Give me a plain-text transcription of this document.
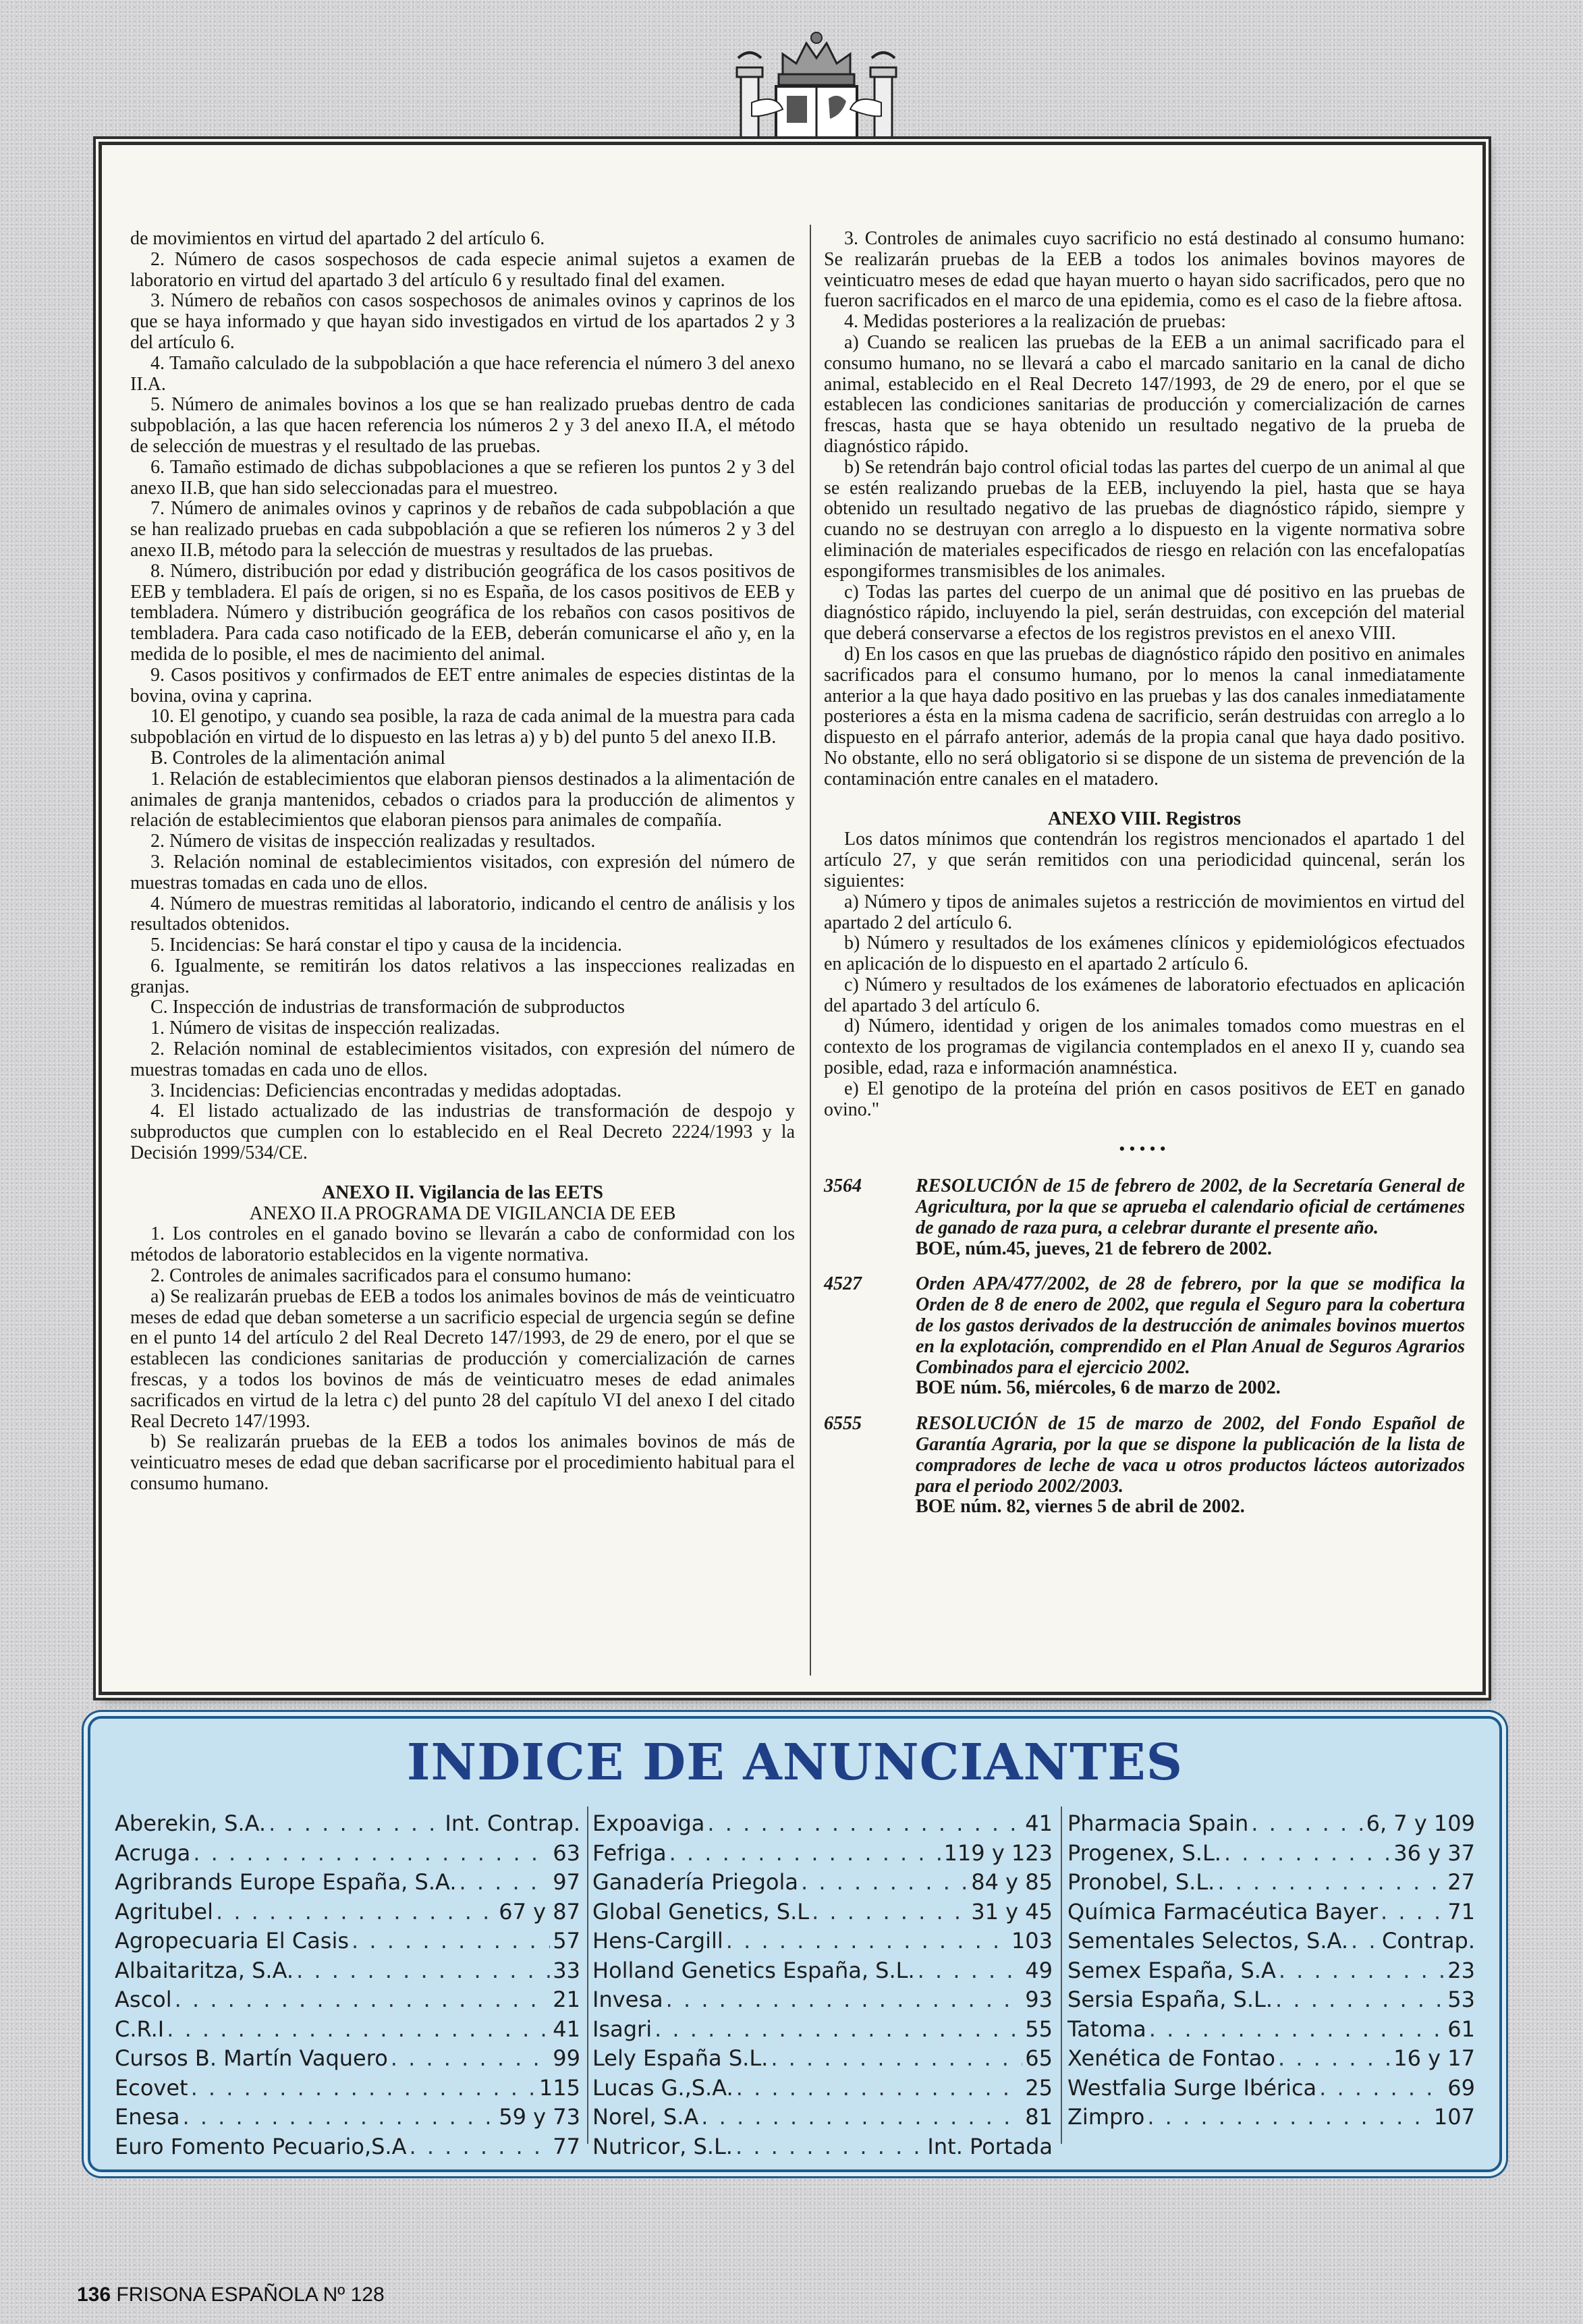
de movimientos en virtud del apartado 2 del artículo 6.

2. Número de casos sospechosos de cada especie animal sujetos a examen de laboratorio en virtud del apartado 3 del artículo 6 y resultado final del examen.

3. Número de rebaños con casos sospechosos de animales ovinos y caprinos de los que se haya informado y que hayan sido investigados en virtud de los apartados 2 y 3 del artículo 6.

4. Tamaño calculado de la subpoblación a que hace referencia el número 3 del anexo II.A.

5. Número de animales bovinos a los que se han realizado pruebas dentro de cada subpoblación, a las que hacen referencia los números 2 y 3 del anexo II.A, el método de selección de muestras y el resultado de las pruebas.

6. Tamaño estimado de dichas subpoblaciones a que se refieren los puntos 2 y 3 del anexo II.B, que han sido seleccionadas para el muestreo.

7. Número de animales ovinos y caprinos y de rebaños de cada subpoblación a que se han realizado pruebas en cada subpoblación a que se refieren los números 2 y 3 del anexo II.B, método para la selección de muestras y resultados de las pruebas.

8. Número, distribución por edad y distribución geográfica de los casos positivos de EEB y tembladera. El país de origen, si no es España, de los casos positivos de EEB y tembladera. Número y distribución geográfica de los rebaños con casos positivos de tembladera. Para cada caso notificado de la EEB, deberán comunicarse el año y, en la medida de lo posible, el mes de nacimiento del animal.

9. Casos positivos y confirmados de EET entre animales de especies distintas de la bovina, ovina y caprina.

10. El genotipo, y cuando sea posible, la raza de cada animal de la muestra para cada subpoblación en virtud de lo dispuesto en las letras a) y b) del punto 5 del anexo II.B.

B. Controles de la alimentación animal

1. Relación de establecimientos que elaboran piensos destinados a la alimentación de animales de granja mantenidos, cebados o criados para la producción de alimentos y relación de establecimientos que elaboran piensos para animales de compañía.

2. Número de visitas de inspección realizadas y resultados.

3. Relación nominal de establecimientos visitados, con expresión del número de muestras tomadas en cada uno de ellos.

4. Número de muestras remitidas al laboratorio, indicando el centro de análisis y los resultados obtenidos.

5. Incidencias: Se hará constar el tipo y causa de la incidencia.

6. Igualmente, se remitirán los datos relativos a las inspecciones realizadas en granjas.

C. Inspección de industrias de transformación de subproductos

1. Número de visitas de inspección realizadas.

2. Relación nominal de establecimientos visitados, con expresión del número de muestras tomadas en cada uno de ellos.

3. Incidencias: Deficiencias encontradas y medidas adoptadas.

4. El listado actualizado de las industrias de transformación de despojo y subproductos que cumplen con lo establecido en el Real Decreto 2224/1993 y la Decisión 1999/534/CE.

ANEXO II. Vigilancia de las EETS

ANEXO II.A PROGRAMA DE VIGILANCIA DE EEB

1. Los controles en el ganado bovino se llevarán a cabo de conformidad con los métodos de laboratorio establecidos en la vigente normativa.

2. Controles de animales sacrificados para el consumo humano:

a) Se realizarán pruebas de EEB a todos los animales bovinos de más de veinticuatro meses de edad que deban someterse a un sacrificio especial de urgencia según se define en el punto 14 del artículo 2 del Real Decreto 147/1993, de 29 de enero, por el que se establecen las condiciones sanitarias de producción y comercialización de carnes frescas, y a todos los bovinos de más de veinticuatro meses de edad animales sacrificados en virtud de la letra c) del punto 28 del capítulo VI del anexo I del citado Real Decreto 147/1993.

b) Se realizarán pruebas de la EEB a todos los animales bovinos de más de veinticuatro meses de edad que deban sacrificarse por el procedimiento habitual para el consumo humano.

3. Controles de animales cuyo sacrificio no está destinado al consumo humano: Se realizarán pruebas de la EEB a todos los animales bovinos mayores de veinticuatro meses de edad que hayan muerto o hayan sido sacrificados, pero que no fueron sacrificados en el marco de una epidemia, como es el caso de la fiebre aftosa.

4. Medidas posteriores a la realización de pruebas:

a) Cuando se realicen las pruebas de la EEB a un animal sacrificado para el consumo humano, no se llevará a cabo el marcado sanitario en la canal de dicho animal, establecido en el Real Decreto 147/1993, de 29 de enero, por el que se establecen las condiciones sanitarias de producción y comercialización de carnes frescas, hasta que se haya obtenido un resultado negativo de la prueba de diagnóstico rápido.

b) Se retendrán bajo control oficial todas las partes del cuerpo de un animal al que se estén realizando pruebas de la EEB, incluyendo la piel, hasta que se haya obtenido un resultado negativo de las pruebas de diagnóstico rápido, siempre y cuando no se destruyan con arreglo a lo dispuesto en la vigente normativa sobre eliminación de materiales especificados de riesgo en relación con las encefalopatías espongiformes transmisibles de los animales.

c) Todas las partes del cuerpo de un animal que dé positivo en las pruebas de diagnóstico rápido, incluyendo la piel, serán destruidas, con excepción del material que deberá conservarse a efectos de los registros previstos en el anexo VIII.

d) En los casos en que las pruebas de diagnóstico rápido den positivo en animales sacrificados para el consumo humano, por lo menos la canal inmediatamente anterior a la que haya dado positivo en las pruebas y las dos canales inmediatamente posteriores a ésta en la misma cadena de sacrificio, serán destruidas con arreglo a lo dispuesto en el párrafo anterior, además de la propia canal que haya dado positivo. No obstante, ello no será obligatorio si se dispone de un sistema de prevención de la contaminación entre canales en el matadero.

ANEXO VIII. Registros

Los datos mínimos que contendrán los registros mencionados el apartado 1 del artículo 27, y que serán remitidos con una periodicidad quincenal, serán los siguientes:

a) Número y tipos de animales sujetos a restricción de movimientos en virtud del apartado 2 del artículo 6.

b) Número y resultados de los exámenes clínicos y epidemiológicos efectuados en aplicación de lo dispuesto en el apartado 2 artículo 6.

c) Número y resultados de los exámenes de laboratorio efectuados en aplicación del apartado 3 del artículo 6.

d) Número, identidad y origen de los animales tomados como muestras en el contexto de los programas de vigilancia contemplados en el anexo II y, cuando sea posible, edad, raza e información anamnéstica.

e) El genotipo de la proteína del prión en casos positivos de EET en ganado ovino."

•••••
3564	RESOLUCIÓN de 15 de febrero de 2002, de la Secretaría General de Agricultura, por la que se aprueba el calendario oficial de certámenes de ganado de raza pura, a celebrar durante el presente año.
BOE, núm.45, jueves, 21 de febrero de 2002.
4527	Orden APA/477/2002, de 28 de febrero, por la que se modifica la Orden de 8 de enero de 2002, que regula el Seguro para la cobertura de los gastos derivados de la destrucción de animales bovinos muertos en la explotación, comprendido en el Plan Anual de Seguros Agrarios Combinados para el ejercicio 2002.
BOE núm. 56, miércoles, 6 de marzo de 2002.
6555	RESOLUCIÓN de 15 de marzo de 2002, del Fondo Español de Garantía Agraria, por la que se dispone la publicación de la lista de compradores de leche de vaca u otros productos lácteos autorizados para el periodo 2002/2003.
BOE núm. 82, viernes 5 de abril de 2002.
INDICE DE ANUNCIANTES
Aberekin, S.A. . . .	Int. Contrap.
Acruga . . .	63
Agribrands Europe España, S.A. . . .	97
Agritubel . . .	67 y 87
Agropecuaria El Casis . . .	57
Albaitaritza, S.A. . . .	33
Ascol . . .	21
C.R.I . . .	41
Cursos B. Martín Vaquero . . .	99
Ecovet . . .	115
Enesa . . .	59 y 73
Euro Fomento Pecuario,S.A . . .	77
Expoaviga . . .	41
Fefriga . . .	119 y 123
Ganadería Priegola . . .	84 y 85
Global Genetics, S.L . . .	31 y 45
Hens-Cargill . . .	103
Holland Genetics España, S.L. . . .	49
Invesa . . .	93
Isagri . . .	55
Lely España S.L. . . .	65
Lucas G.,S.A. . . .	25
Norel, S.A . . .	81
Nutricor, S.L. . . .	Int. Portada
Pharmacia Spain . . .	6, 7 y 109
Progenex, S.L. . . .	36 y 37
Pronobel, S.L. . . .	27
Química Farmacéutica Bayer . . .	71
Sementales Selectos, S.A. . . . Contrap.
Semex España, S.A . . .	23
Sersia España, S.L. . . .	53
Tatoma . . .	61
Xenética de Fontao . . .	16 y 17
Westfalia Surge Ibérica . . .	69
Zimpro . . .	107
136 FRISONA ESPAÑOLA Nº 128
